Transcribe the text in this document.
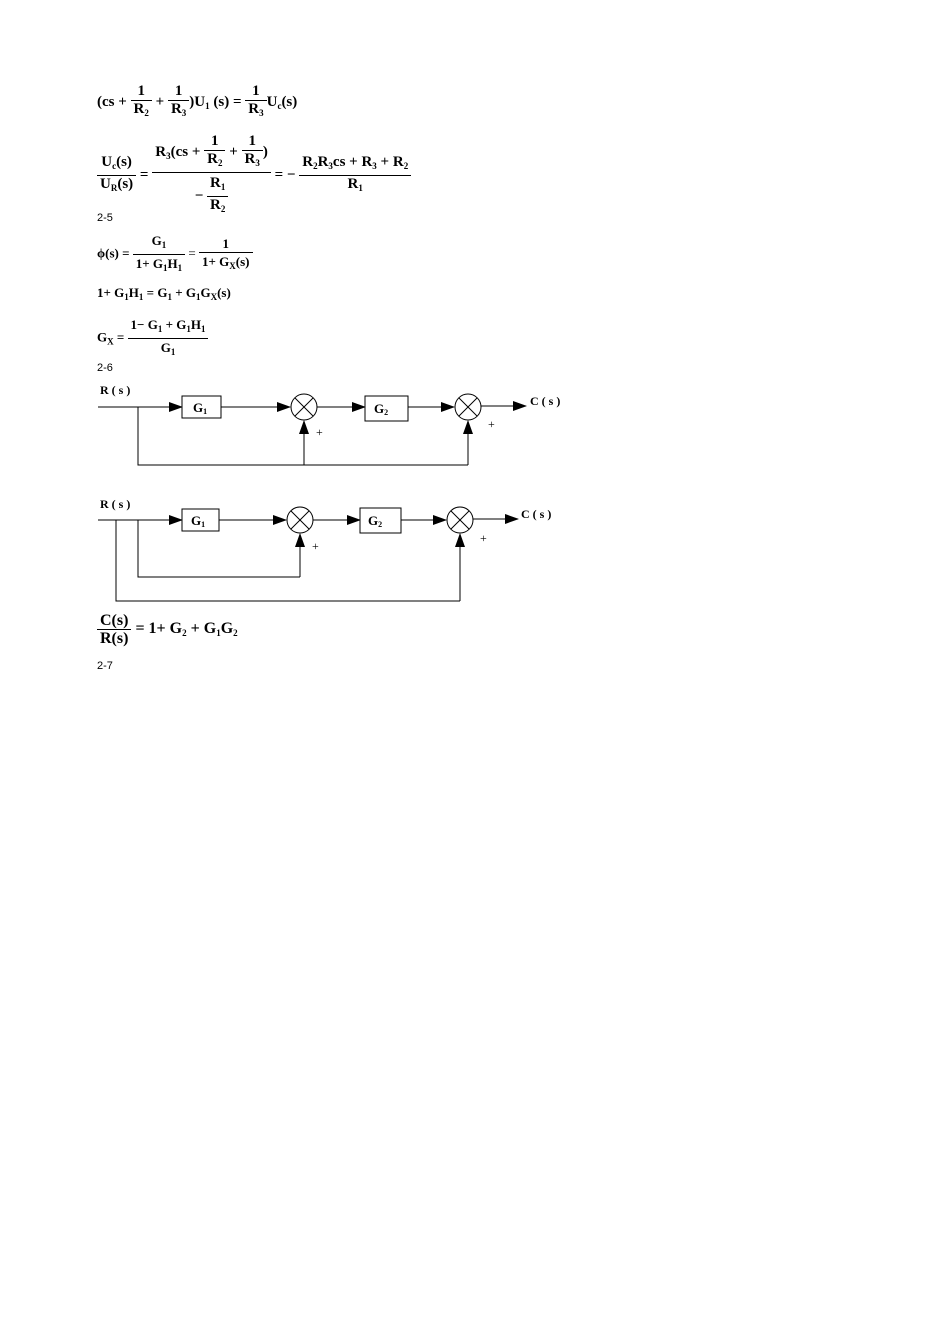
$(cs + \frac{1}{R_2} + \frac{1}{R_3} )U_1$ $(s) = \frac{1}{R_3} U_c(s)$
$\frac{U_c(s)}{U_R(s)} = \frac{R_3(cs + \frac{1}{R_2} + \frac{1}{R_3} )}{- \frac{R_1}{R_2}}$ = − $\frac{R_2R_3cs + R_3 + R_2}{R_1}$
2-5
$\phi(s) = \frac{G_1}{1+ G_1H_1} = \frac{1}{1+ G_X(s)}$
$1+ G_1H_1 = G_1 + G_1G_X(s)$
$G_X = \frac{1- G_1 + G_1H_1}{G_1}$
2-6
R ( s )
G1	G2
C ( s )
+
+
R ( s )
G1	G2
C ( s )
+
+
$\frac{C(s)}{R(s)} = 1+ G_2 + G_1G_2$
2-7
